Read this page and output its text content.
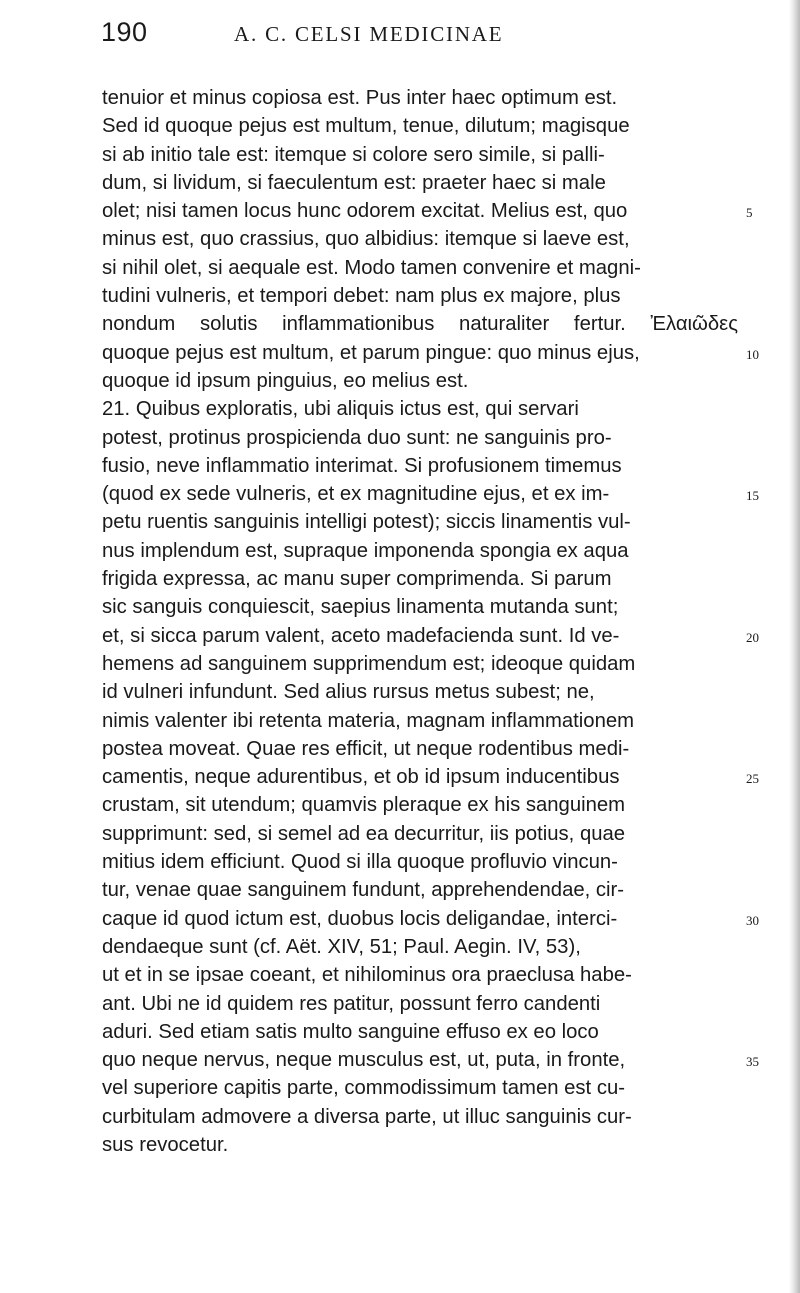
190	A. C. CELSI MEDICINAE
tenuior et minus copiosa est. Pus inter haec optimum est.
Sed id quoque pejus est multum, tenue, dilutum; magisque
si ab initio tale est: itemque si colore sero simile, si palli-
dum, si lividum, si faeculentum est: praeter haec si male
olet; nisi tamen locus hunc odorem excitat. Melius est, quo	5
minus est, quo crassius, quo albidius: itemque si laeve est,
si nihil olet, si aequale est. Modo tamen convenire et magni-
tudini vulneris, et tempori debet: nam plus ex majore, plus
nondum solutis inflammationibus naturaliter fertur. Ἐλαιῶδες
quoque pejus est multum, et parum pingue: quo minus ejus,	10
quoque id ipsum pinguius, eo melius est.
21. Quibus exploratis, ubi aliquis ictus est, qui servari
potest, protinus prospicienda duo sunt: ne sanguinis pro-
fusio, neve inflammatio interimat. Si profusionem timemus
(quod ex sede vulneris, et ex magnitudine ejus, et ex im-	15
petu ruentis sanguinis intelligi potest); siccis linamentis vul-
nus implendum est, supraque imponenda spongia ex aqua
frigida expressa, ac manu super comprimenda. Si parum
sic sanguis conquiescit, saepius linamenta mutanda sunt;
et, si sicca parum valent, aceto madefacienda sunt. Id ve-	20
hemens ad sanguinem supprimendum est; ideoque quidam
id vulneri infundunt. Sed alius rursus metus subest; ne,
nimis valenter ibi retenta materia, magnam inflammationem
postea moveat. Quae res efficit, ut neque rodentibus medi-
camentis, neque adurentibus, et ob id ipsum inducentibus	25
crustam, sit utendum; quamvis pleraque ex his sanguinem
supprimunt: sed, si semel ad ea decurritur, iis potius, quae
mitius idem efficiunt. Quod si illa quoque profluvio vincun-
tur, venae quae sanguinem fundunt, apprehendendae, cir-
caque id quod ictum est, duobus locis deligandae, interci-	30
dendaeque sunt (cf. Aët. XIV, 51; Paul. Aegin. IV, 53),
ut et in se ipsae coeant, et nihilominus ora praeclusa habe-
ant. Ubi ne id quidem res patitur, possunt ferro candenti
aduri. Sed etiam satis multo sanguine effuso ex eo loco
quo neque nervus, neque musculus est, ut, puta, in fronte,	35
vel superiore capitis parte, commodissimum tamen est cu-
curbitulam admovere a diversa parte, ut illuc sanguinis cur-
sus revocetur.
